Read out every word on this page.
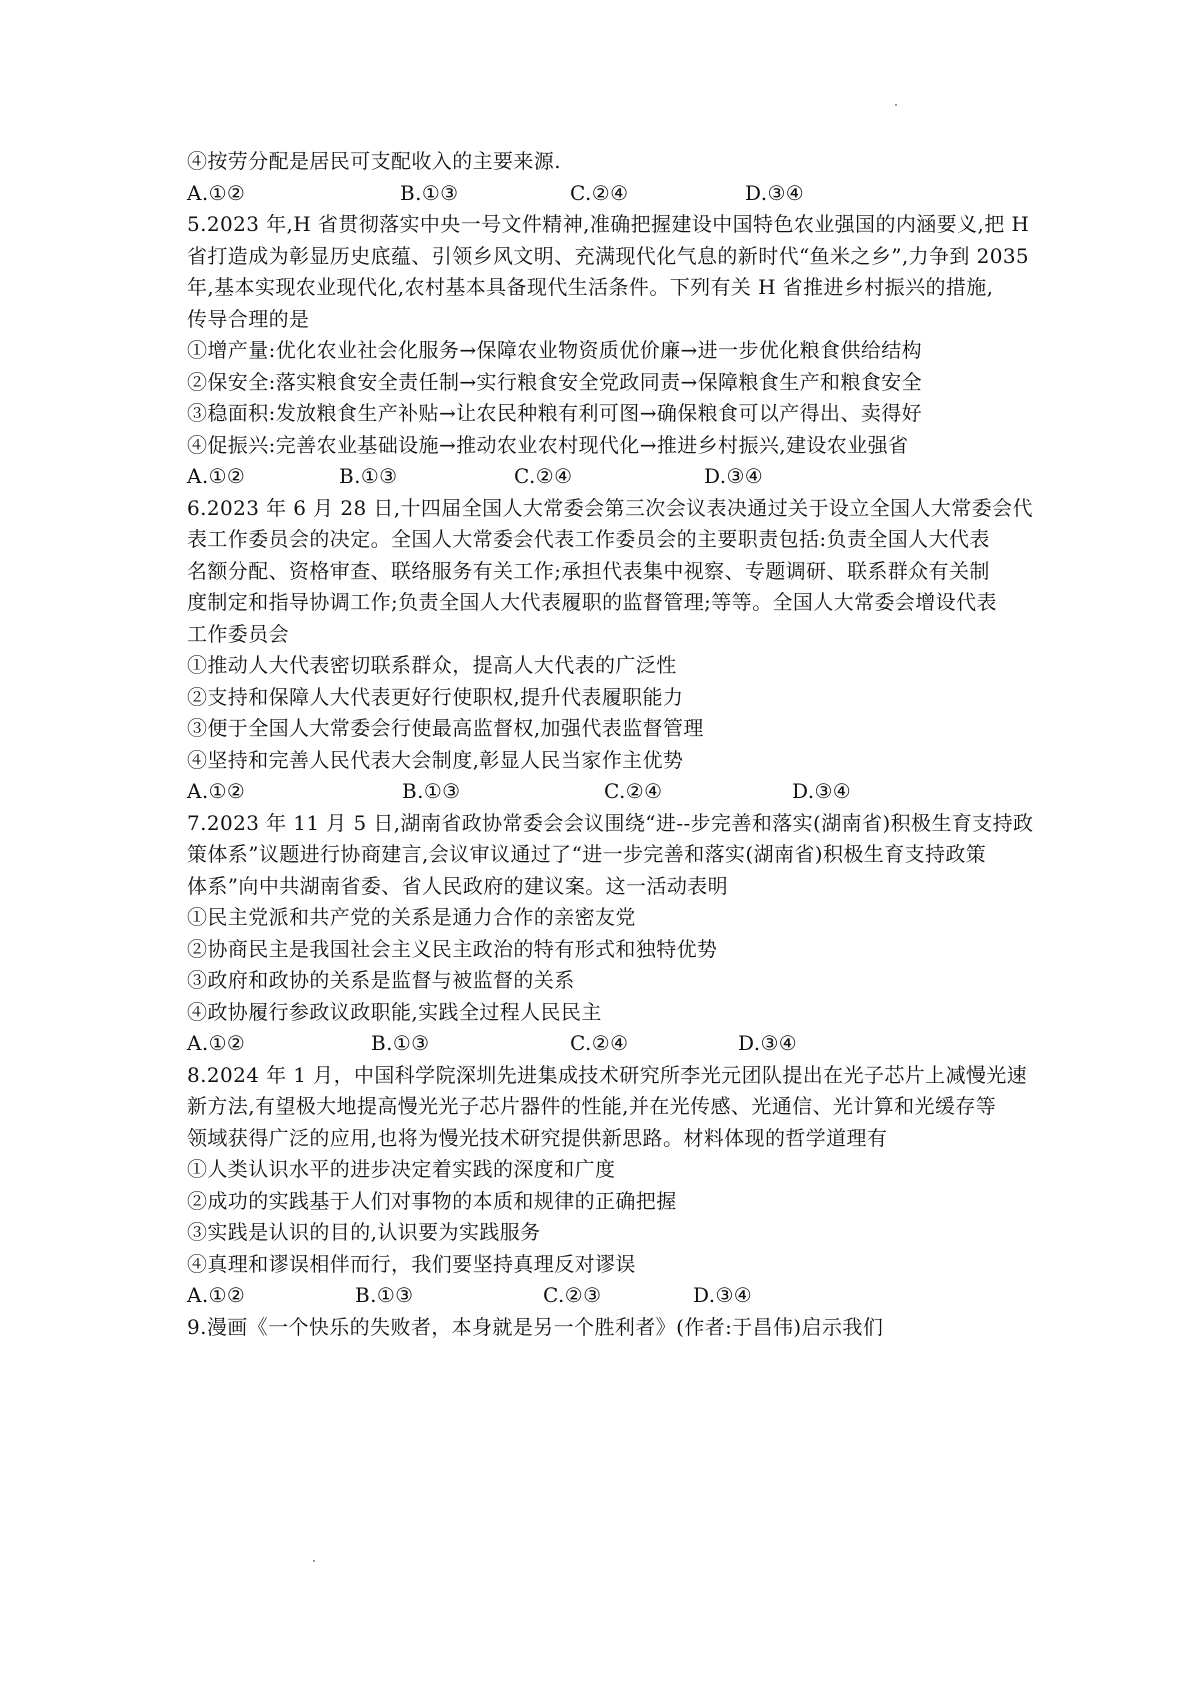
④按劳分配是居民可支配收入的主要来源.
A.①②	B.①③	C.②④	D.③④
5.2023 年,H 省贯彻落实中央一号文件精神,准确把握建设中国特色农业强国的内涵要义,把 H
省打造成为彰显历史底蕴、引领乡风文明、充满现代化气息的新时代“鱼米之乡”,力争到 2035
年,基本实现农业现代化,农村基本具备现代生活条件。下列有关 H 省推进乡村振兴的措施,
传导合理的是
①增产量:优化农业社会化服务→保障农业物资质优价廉→进一步优化粮食供给结构
②保安全:落实粮食安全责任制→实行粮食安全党政同责→保障粮食生产和粮食安全
③稳面积:发放粮食生产补贴→让农民种粮有利可图→确保粮食可以产得出、卖得好
④促振兴:完善农业基础设施→推动农业农村现代化→推进乡村振兴,建设农业强省
A.①②	B.①③	C.②④	D.③④
6.2023 年 6 月 28 日,十四届全国人大常委会第三次会议表决通过关于设立全国人大常委会代
表工作委员会的决定。全国人大常委会代表工作委员会的主要职责包括:负责全国人大代表
名额分配、资格审查、联络服务有关工作;承担代表集中视察、专题调研、联系群众有关制
度制定和指导协调工作;负责全国人大代表履职的监督管理;等等。全国人大常委会增设代表
工作委员会
①推动人大代表密切联系群众，提高人大代表的广泛性
②支持和保障人大代表更好行使职权,提升代表履职能力
③便于全国人大常委会行使最高监督权,加强代表监督管理
④坚持和完善人民代表大会制度,彰显人民当家作主优势
A.①②	B.①③	C.②④	D.③④
7.2023 年 11 月 5 日,湖南省政协常委会会议围绕“进--步完善和落实(湖南省)积极生育支持政
策体系”议题进行协商建言,会议审议通过了“进一步完善和落实(湖南省)积极生育支持政策
体系”向中共湖南省委、省人民政府的建议案。这一活动表明
①民主党派和共产党的关系是通力合作的亲密友党
②协商民主是我国社会主义民主政治的特有形式和独特优势
③政府和政协的关系是监督与被监督的关系
④政协履行参政议政职能,实践全过程人民民主
A.①②	B.①③	C.②④	D.③④
8.2024 年 1 月，中国科学院深圳先进集成技术研究所李光元团队提出在光子芯片上减慢光速
新方法,有望极大地提高慢光光子芯片器件的性能,并在光传感、光通信、光计算和光缓存等
领域获得广泛的应用,也将为慢光技术研究提供新思路。材料体现的哲学道理有
①人类认识水平的进步决定着实践的深度和广度
②成功的实践基于人们对事物的本质和规律的正确把握
③实践是认识的目的,认识要为实践服务
④真理和谬误相伴而行，我们要坚持真理反对谬误
A.①②	B.①③	C.②③	D.③④
9.漫画《一个快乐的失败者，本身就是另一个胜利者》(作者:于昌伟)启示我们
